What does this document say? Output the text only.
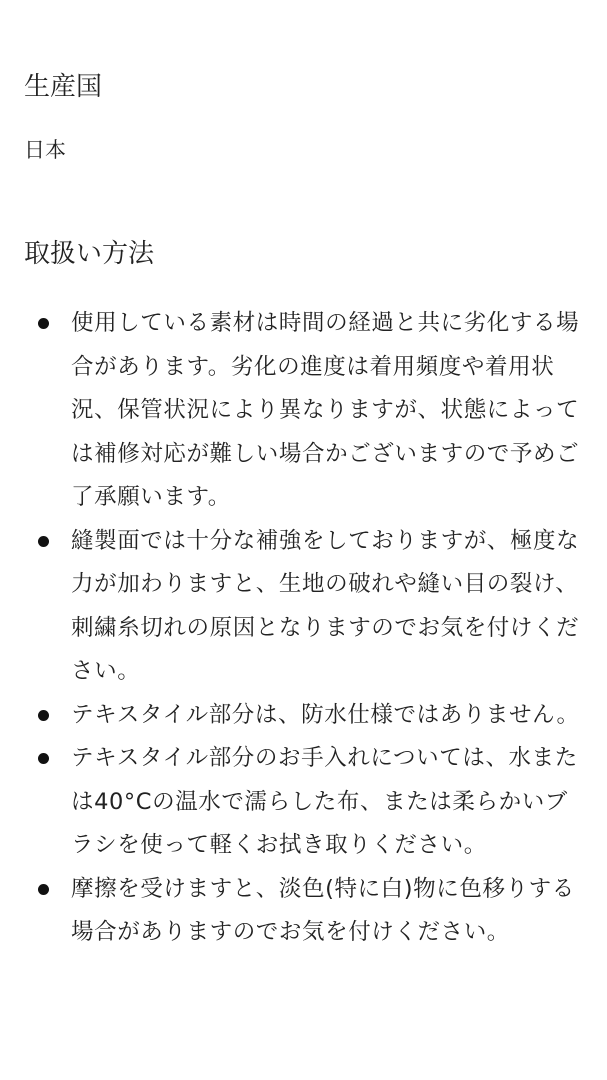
生産国

日本

取扱い方法
使用している素材は時間の経過と共に劣化する場合があります。劣化の進度は着用頻度や着用状況、保管状況により異なりますが、状態によっては補修対応が難しい場合かございますので予めご了承願います。
縫製面では十分な補強をしておりますが、極度な力が加わりますと、生地の破れや縫い目の裂け、刺繍糸切れの原因となりますのでお気を付けください。
テキスタイル部分は、防水仕様ではありません。
テキスタイル部分のお手入れについては、水または40°Cの温水で濡らした布、または柔らかいブラシを使って軽くお拭き取りください。
摩擦を受けますと、淡色(特に白)物に色移りする場合がありますのでお気を付けください。
